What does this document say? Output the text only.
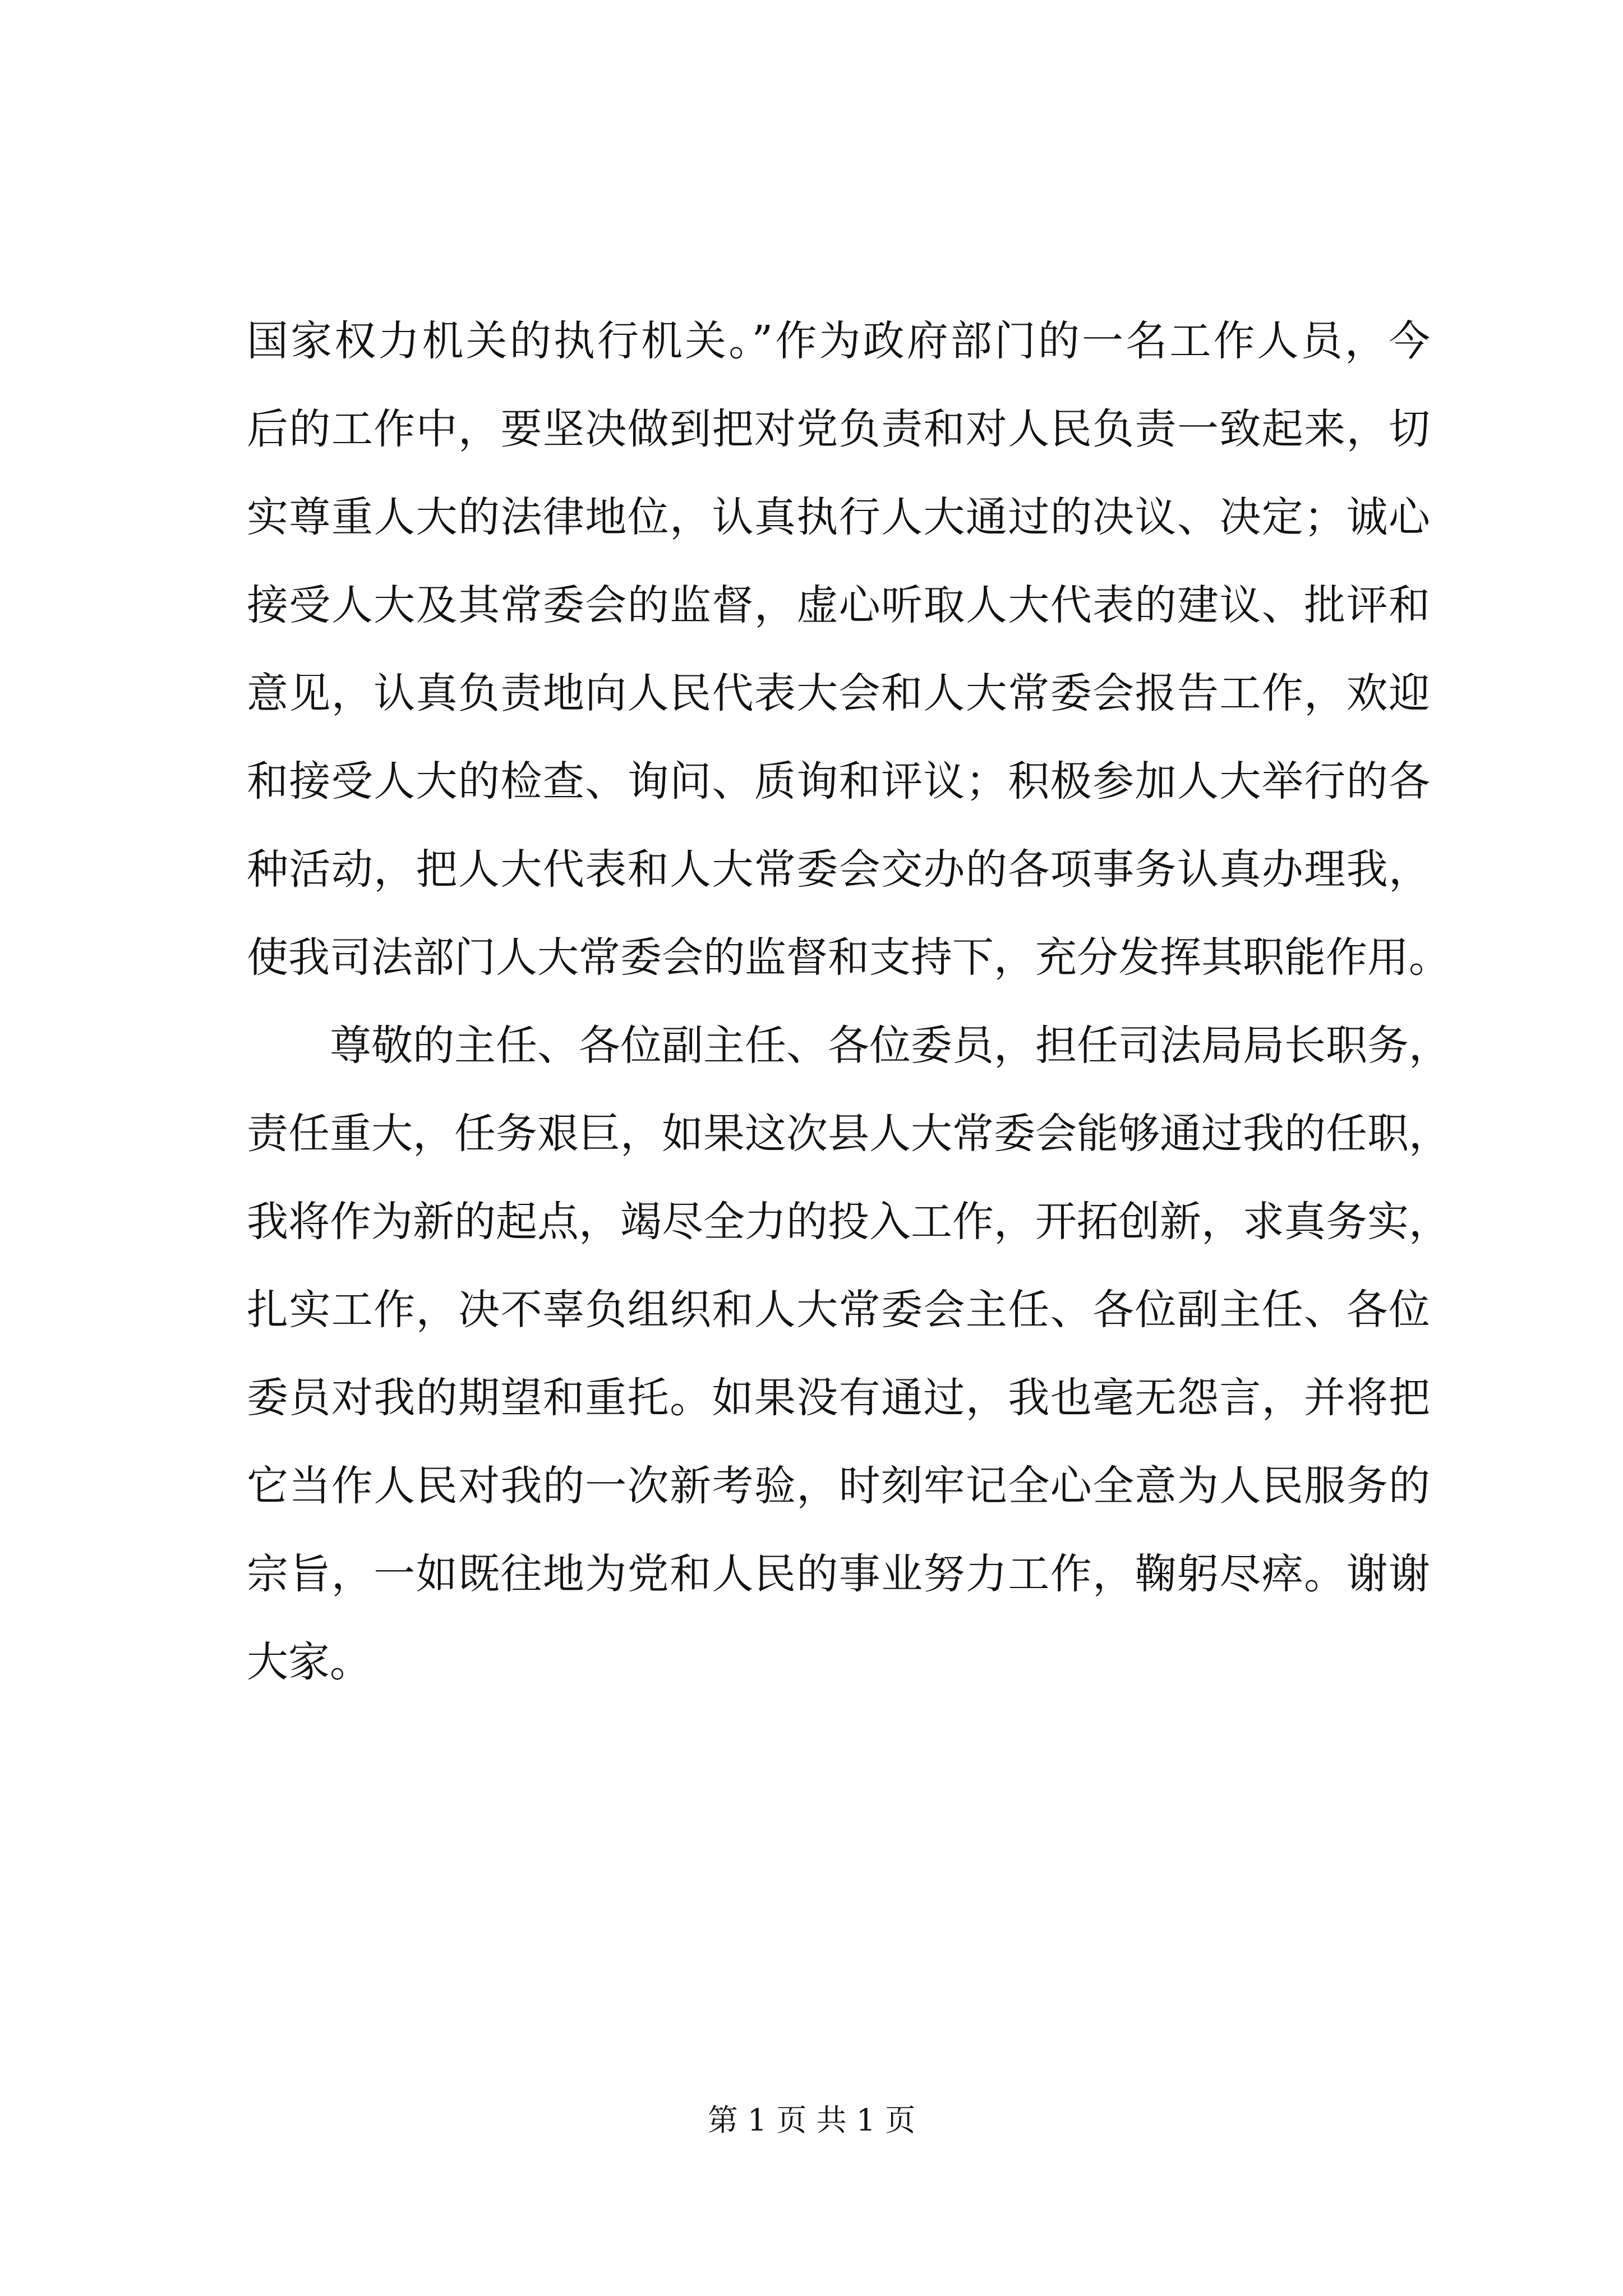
国家权力机关的执行机关。”作为政府部门的一名工作人员，今
后的工作中，要坚决做到把对党负责和对人民负责一致起来，切
实尊重人大的法律地位，认真执行人大通过的决议、决定；诚心
接受人大及其常委会的监督，虚心听取人大代表的建议、批评和
意见，认真负责地向人民代表大会和人大常委会报告工作，欢迎
和接受人大的检查、询问、质询和评议；积极参加人大举行的各
种活动，把人大代表和人大常委会交办的各项事务认真办理我，
使我司法部门人大常委会的监督和支持下，充分发挥其职能作用。
尊敬的主任、各位副主任、各位委员，担任司法局局长职务，
责任重大，任务艰巨，如果这次县人大常委会能够通过我的任职，
我将作为新的起点，竭尽全力的投入工作，开拓创新，求真务实，
扎实工作，决不辜负组织和人大常委会主任、各位副主任、各位
委员对我的期望和重托。如果没有通过，我也毫无怨言，并将把
它当作人民对我的一次新考验，时刻牢记全心全意为人民服务的
宗旨，一如既往地为党和人民的事业努力工作，鞠躬尽瘁。谢谢
大家。
第 1 页 共 1 页
